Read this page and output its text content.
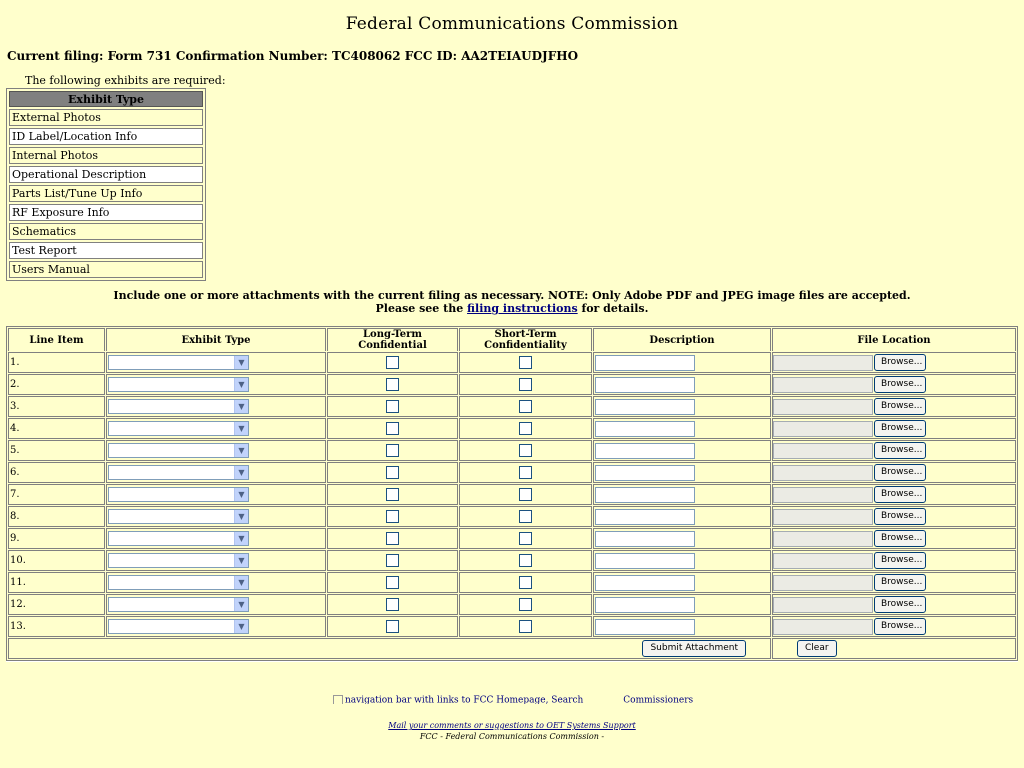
Federal Communications Commission
Current filing: Form 731 Confirmation Number: TC408062 FCC ID: AA2TEIAUDJFHO
The following exhibits are required:
Exhibit Type
External Photos
ID Label/Location Info
Internal Photos
Operational Description
Parts List/Tune Up Info
RF Exposure Info
Schematics
Test Report
Users Manual
Include one or more attachments with the current filing as necessary. NOTE: Only Adobe PDF and JPEG image files are accepted.
Please see the filing instructions for details.
Line Item	Exhibit Type	Long-Term Confidential	Short-Term Confidentiality	Description	File Location
1.	▼				Browse...
2.	▼				Browse...
3.	▼				Browse...
4.	▼				Browse...
5.	▼				Browse...
6.	▼				Browse...
7.	▼				Browse...
8.	▼				Browse...
9.	▼				Browse...
10.	▼				Browse...
11.	▼				Browse...
12.	▼				Browse...
13.	▼				Browse...
Submit Attachment					Clear
navigation bar with links to FCC Homepage, Search	Commissioners
Mail your comments or suggestions to OET Systems Support
FCC - Federal Communications Commission -
